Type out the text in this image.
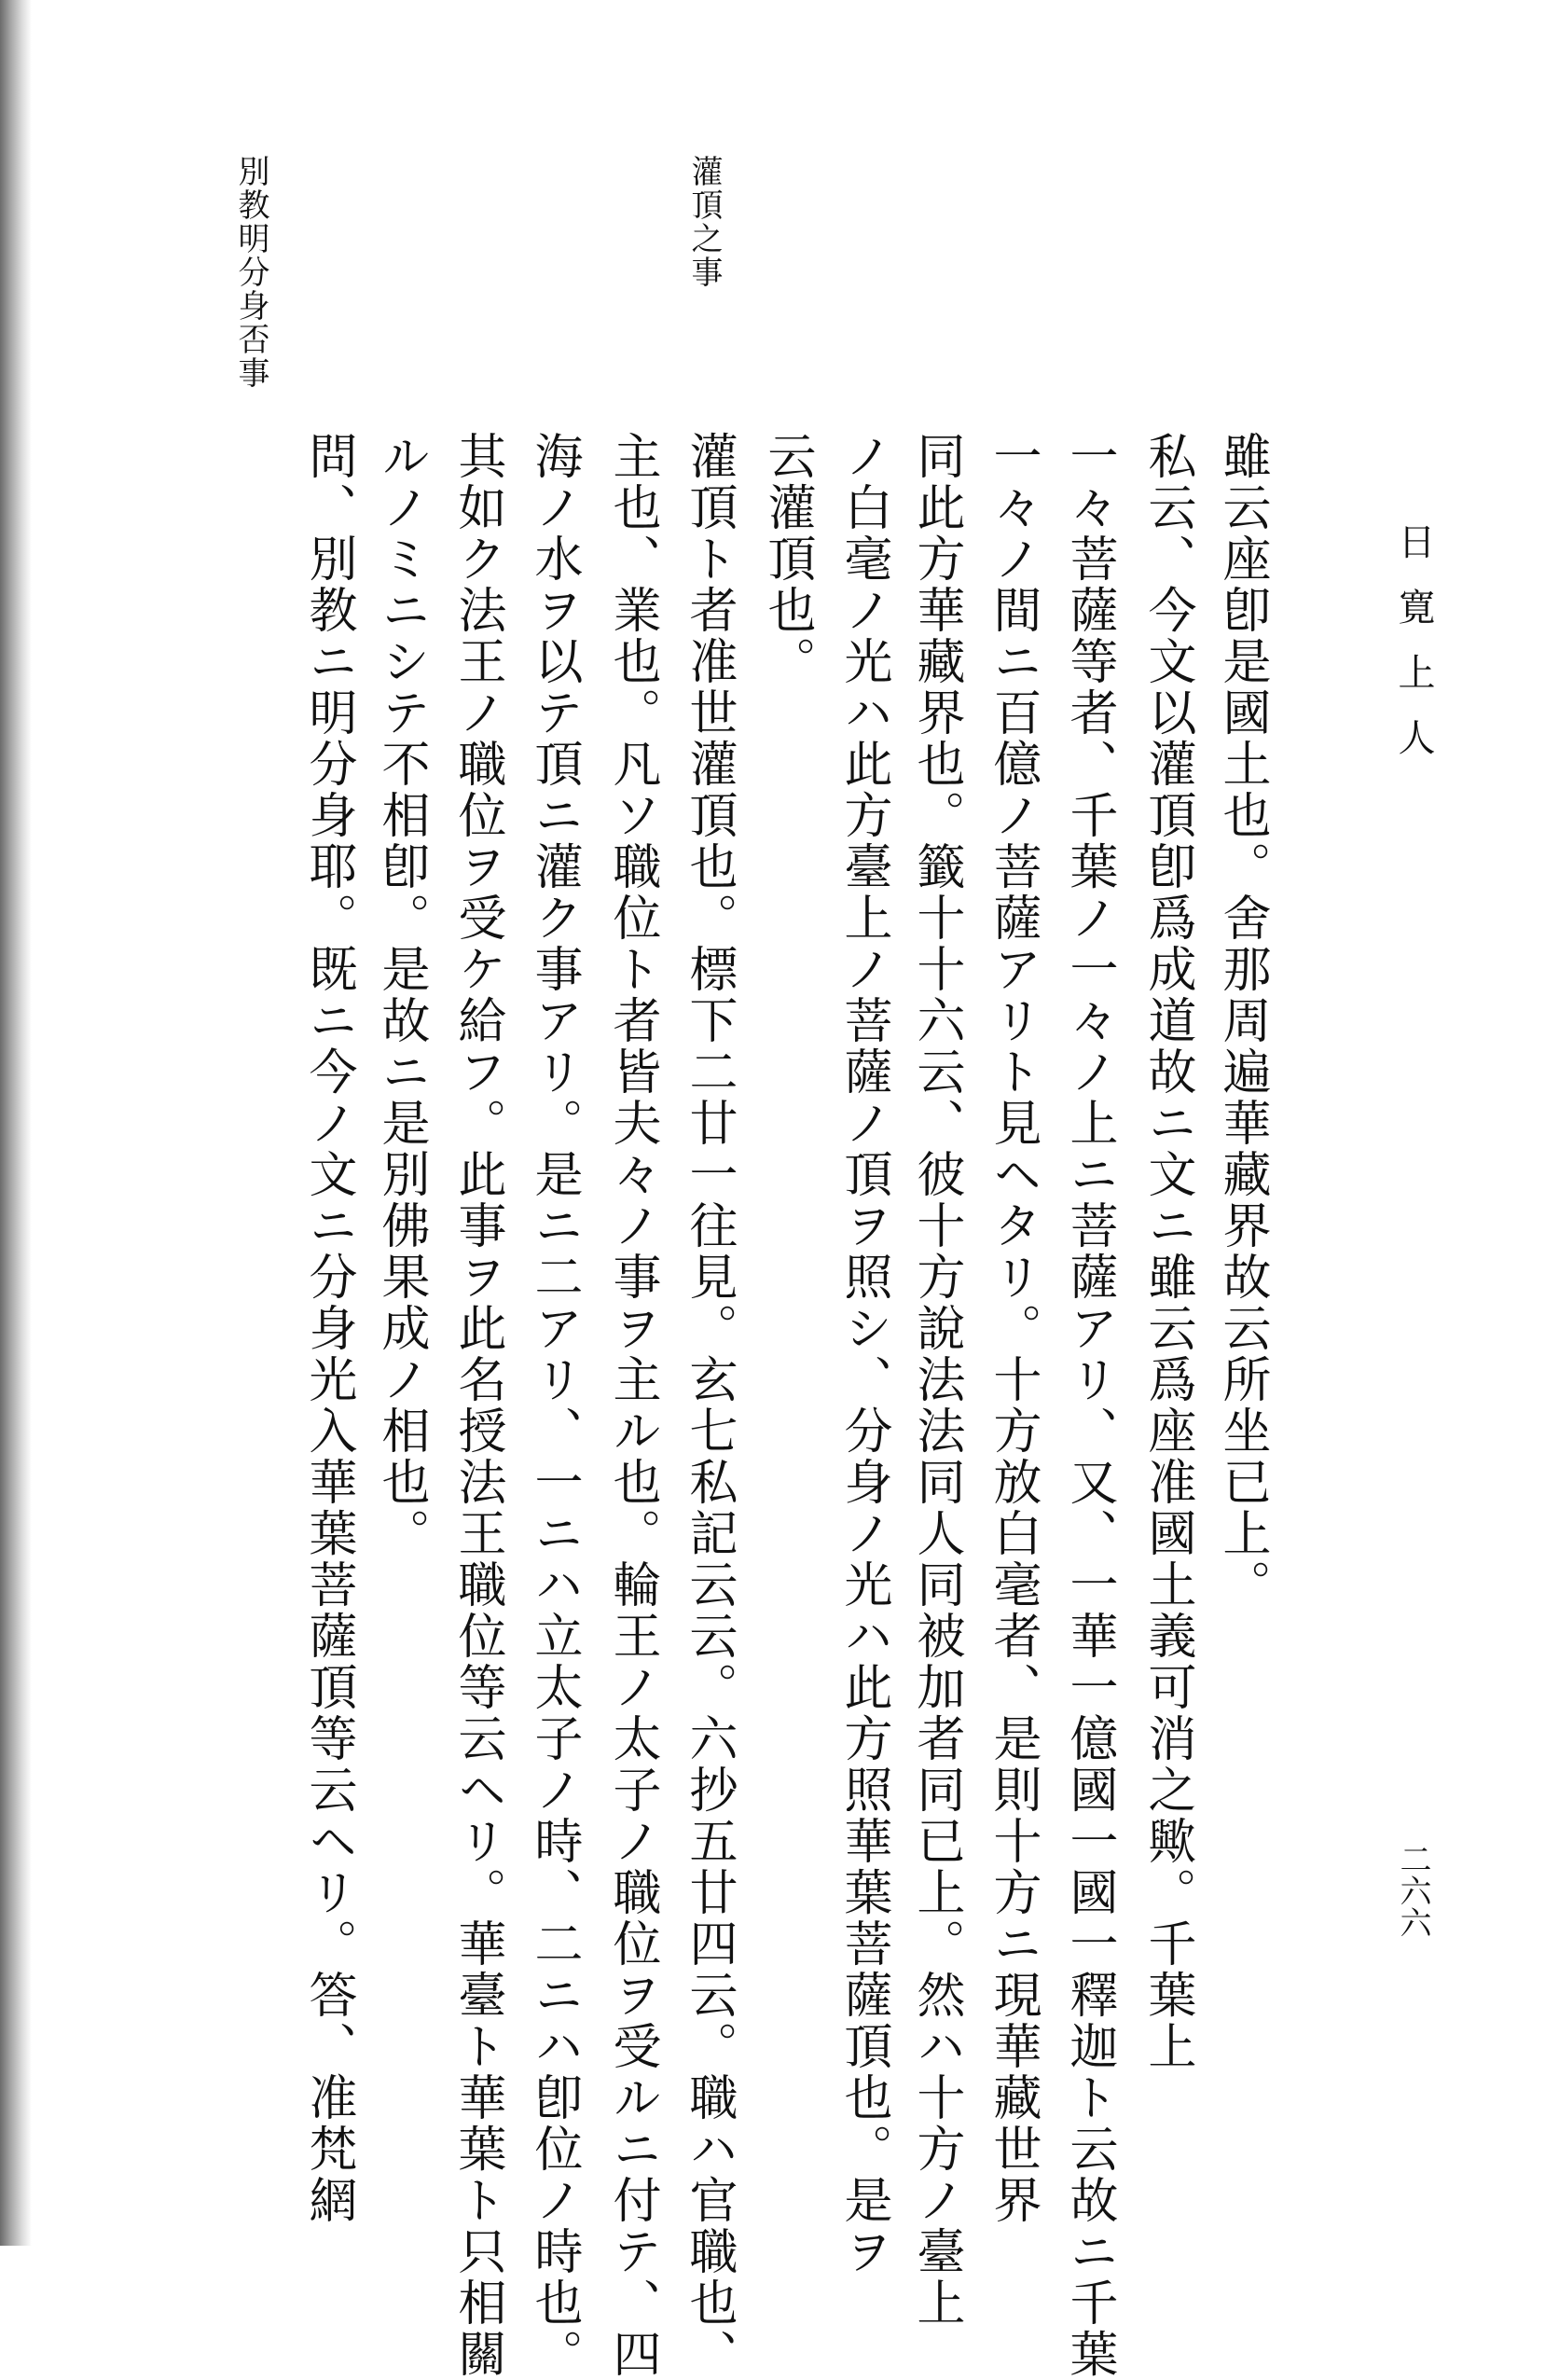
日寛上人
二六六
灌頂之事
別教明分身否事
雖云座卽是國土也。舍那周遍華藏界故云所坐已上。
私云、今文以灌頂卽爲成道故ニ文ニ雖云爲座准國土義可消之歟。千葉上
一々菩薩等者、千葉ノ一々ノ上ニ菩薩アリ、又、一華一億國一國一釋迦ト云故ニ千葉
一々ノ間ニ百億ノ菩薩アリト見ヘタリ。十方放白毫者、是則十方ニ現華藏世界
同此方華藏界也。籤十十六云、彼十方說法法同人同被加者同已上。然ハ十方ノ臺上
ノ白毫ノ光ハ此方臺上ノ菩薩ノ頂ヲ照シ、分身ノ光ハ此方照華葉菩薩頂也。是ヲ
云灌頂也。
灌頂ト者准世灌頂也。標下二廿一往見。玄七私記云云。六抄五廿四云。職ハ官職也、
主也、業也。凡ソ職位ト者皆夫々ノ事ヲ主ル也。輪王ノ太子ノ職位ヲ受ルニ付テ、四
海ノ水ヲ以テ頂ニ灌ク事アリ。是ニ二アリ、一ニハ立太子ノ時、二ニハ卽位ノ時也。
其如ク法王ノ職位ヲ受ケ給フ。此事ヲ此名授法王職位等云ヘリ。華臺ト華葉ト只相關
ルノミニシテ不相卽。是故ニ是別佛果成ノ相也。
問、別教ニ明分身耶。既ニ今ノ文ニ分身光入華葉菩薩頂等云ヘリ。答、准梵網
